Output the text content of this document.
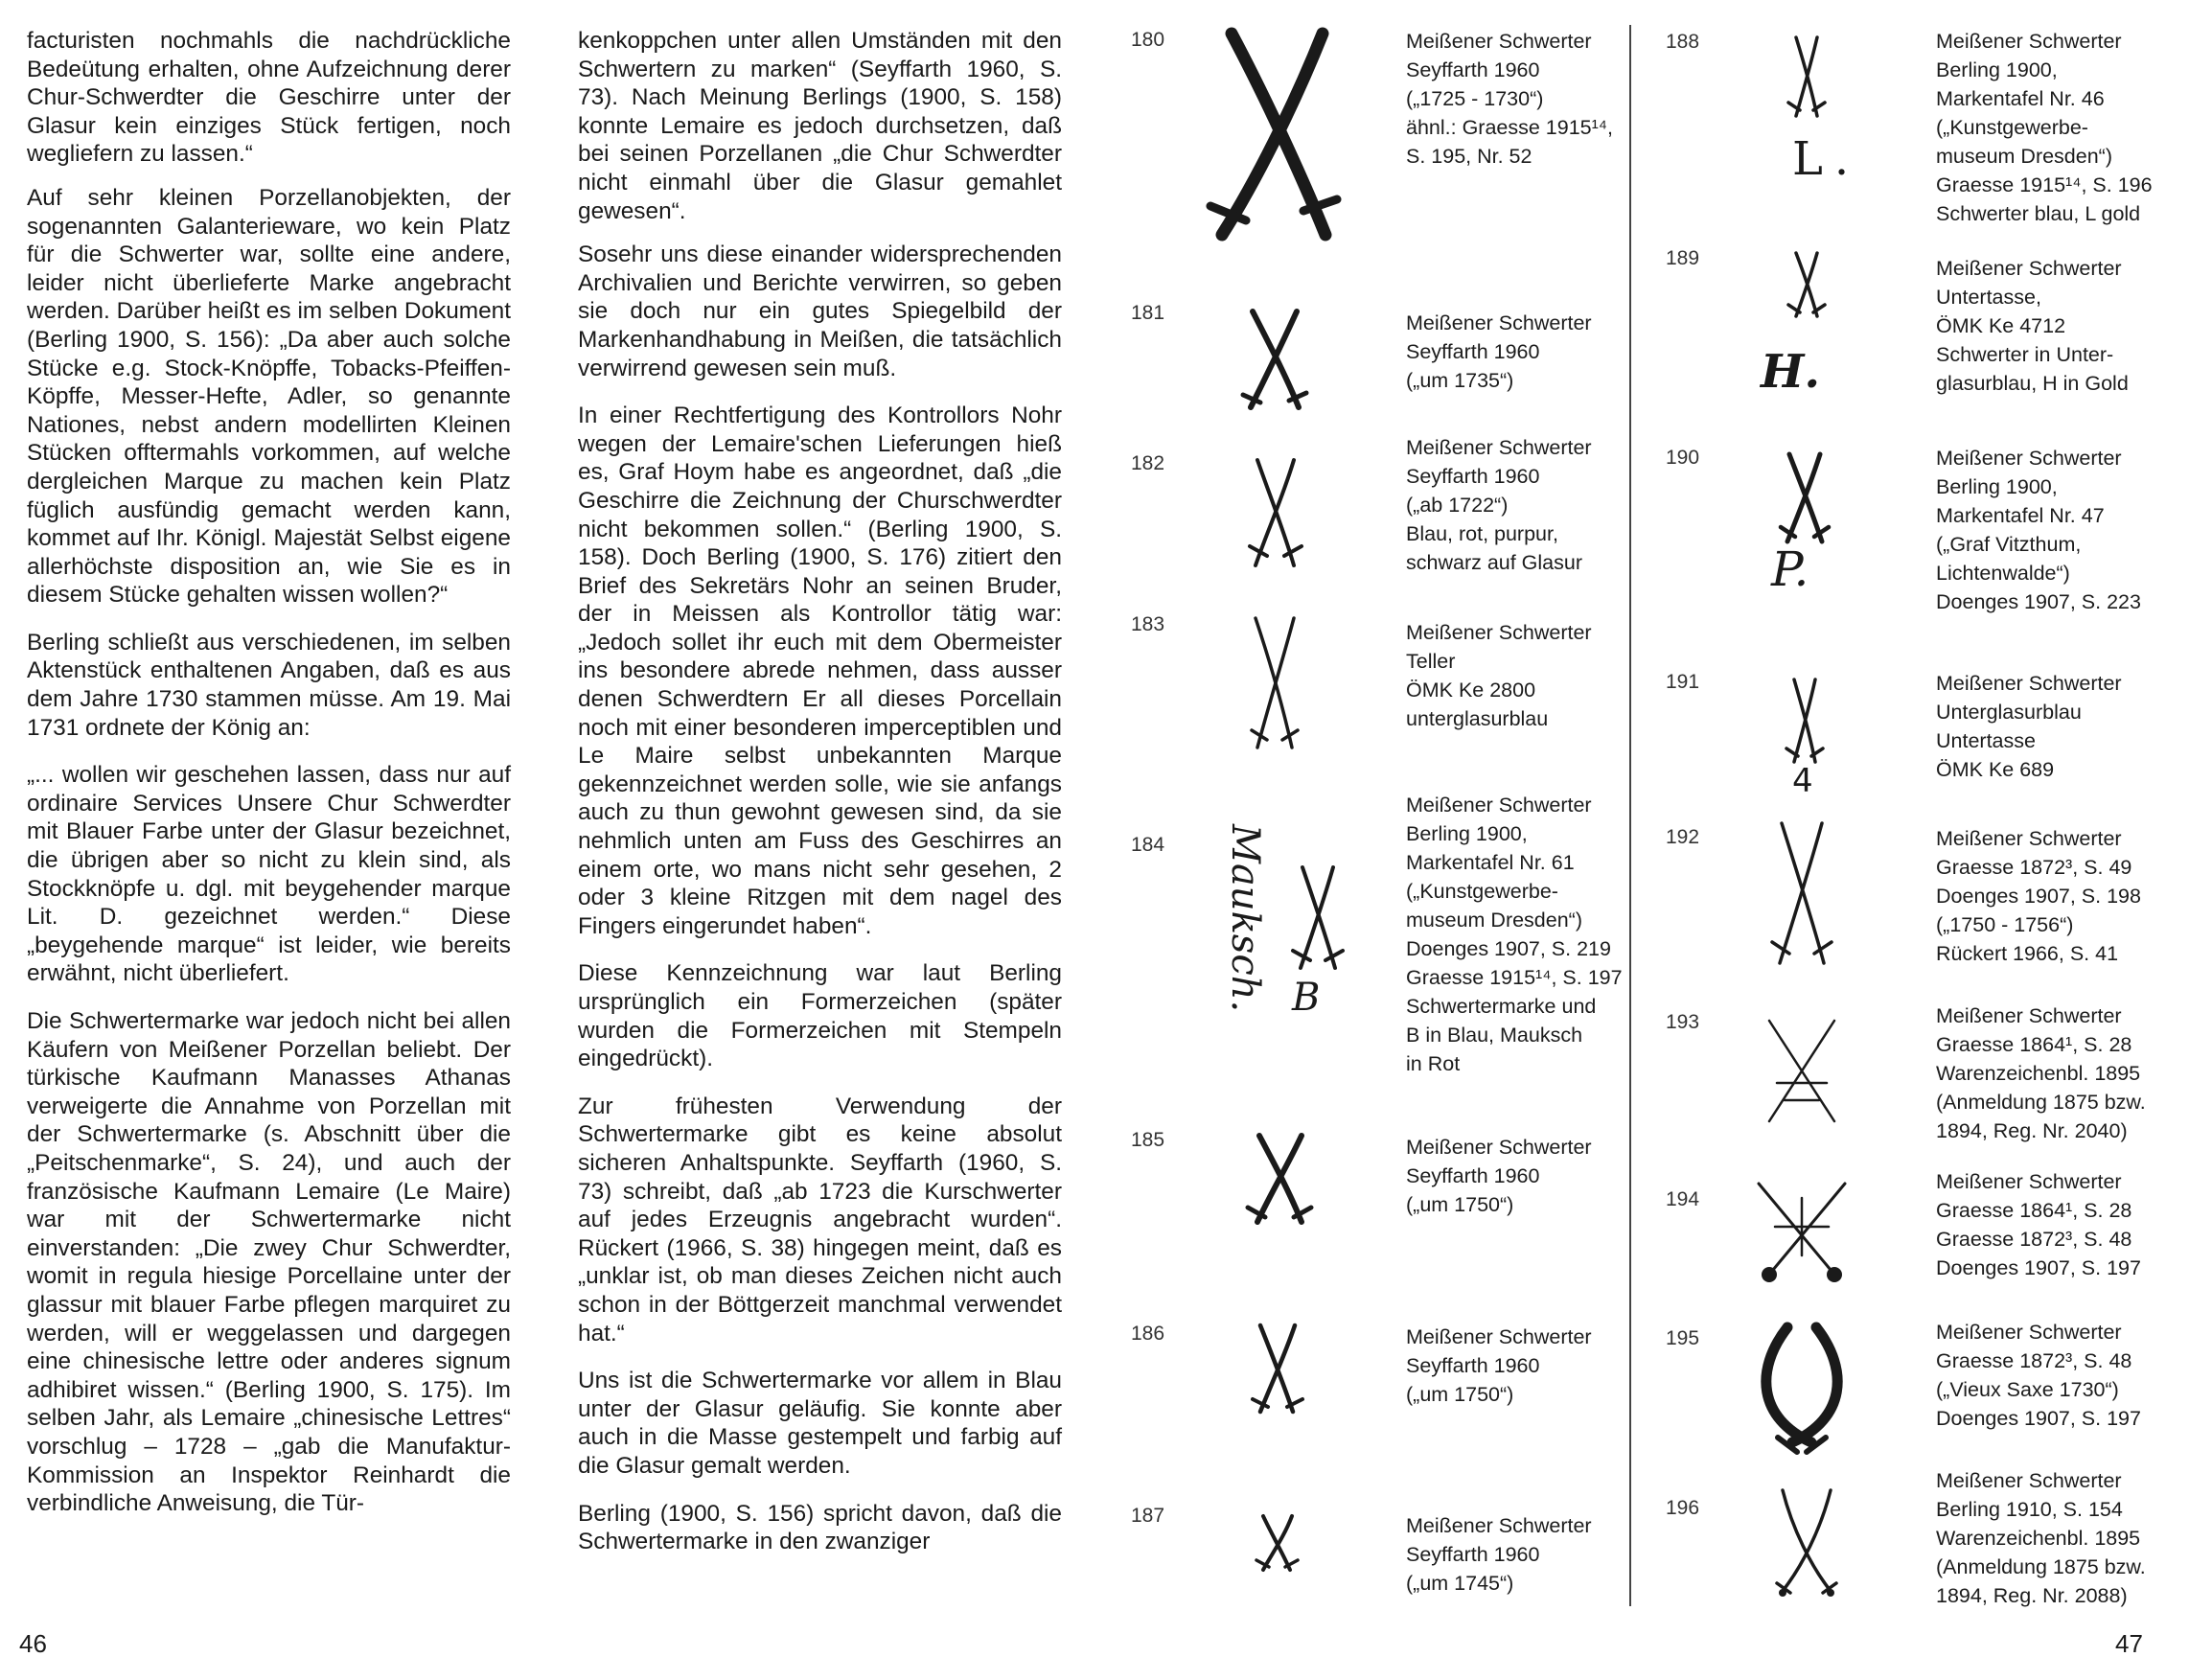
facturisten nochmahls die nachdrückliche Bedeütung erhalten, ohne Aufzeichnung derer Chur-Schwerdter die Geschirre unter der Glasur kein einziges Stück fertigen, noch wegliefern zu lassen.“

Auf sehr kleinen Porzellanobjekten, der sogenannten Galanterieware, wo kein Platz für die Schwerter war, sollte eine andere, leider nicht überlieferte Marke angebracht werden. Darüber heißt es im selben Dokument (Berling 1900, S. 156): „Da aber auch solche Stücke e.g. Stock-Knöpffe, Tobacks-Pfeiffen-Köpffe, Messer-Hefte, Adler, so genannte Nationes, nebst andern modellirten Kleinen Stücken offtermahls vorkommen, auf welche dergleichen Marque zu machen kein Platz füglich ausfündig gemacht werden kann, kommet auf Ihr. Königl. Majestät Selbst eigene allerhöchste disposition an, wie Sie es in diesem Stücke gehalten wissen wollen?“

Berling schließt aus verschiedenen, im selben Aktenstück enthaltenen Angaben, daß es aus dem Jahre 1730 stammen müsse. Am 19. Mai 1731 ordnete der König an:

„... wollen wir geschehen lassen, dass nur auf ordinaire Services Unsere Chur Schwerdter mit Blauer Farbe unter der Glasur bezeichnet, die übrigen aber so nicht zu klein sind, als Stockknöpfe u. dgl. mit beygehender marque Lit. D. gezeichnet werden.“ Diese „beygehende marque“ ist leider, wie bereits erwähnt, nicht überliefert.

Die Schwertermarke war jedoch nicht bei allen Käufern von Meißener Porzellan beliebt. Der türkische Kaufmann Manasses Athanas verweigerte die Annahme von Porzellan mit der Schwertermarke (s. Abschnitt über die „Peitschenmarke“, S. 24), und auch der französische Kaufmann Lemaire (Le Maire) war mit der Schwertermarke nicht einverstanden: „Die zwey Chur Schwerdter, womit in regula hiesige Porcellaine unter der glassur mit blauer Farbe pflegen marquiret zu werden, will er weggelassen und dargegen eine chinesische lettre oder anderes signum adhibiret wissen.“ (Berling 1900, S. 175). Im selben Jahr, als Lemaire „chinesische Lettres“ vorschlug – 1728 – „gab die Manufaktur-Kommission an Inspektor Reinhardt die verbindliche Anweisung, die Tür-

kenkoppchen unter allen Umständen mit den Schwertern zu marken“ (Seyffarth 1960, S. 73). Nach Meinung Berlings (1900, S. 158) konnte Lemaire es jedoch durchsetzen, daß bei seinen Porzellanen „die Chur Schwerdter nicht einmahl über die Glasur gemahlet gewesen“.

Sosehr uns diese einander widersprechenden Archivalien und Berichte verwirren, so geben sie doch nur ein gutes Spiegelbild der Markenhandhabung in Meißen, die tatsächlich verwirrend gewesen sein muß.

In einer Rechtfertigung des Kontrollors Nohr wegen der Lemaire'schen Lieferungen hieß es, Graf Hoym habe es angeordnet, daß „die Geschirre die Zeichnung der Churschwerdter nicht bekommen sollen.“ (Berling 1900, S. 158). Doch Berling (1900, S. 176) zitiert den Brief des Sekretärs Nohr an seinen Bruder, der in Meissen als Kontrollor tätig war: „Jedoch sollet ihr euch mit dem Obermeister ins besondere abrede nehmen, dass ausser denen Schwerdtern Er all dieses Porcellain noch mit einer besonderen imperceptiblen und Le Maire selbst unbekannten Marque gekennzeichnet werden solle, wie sie anfangs auch zu thun gewohnt gewesen sind, da sie nehmlich unten am Fuss des Geschirres an einem orte, wo mans nicht sehr gesehen, 2 oder 3 kleine Ritzgen mit dem nagel des Fingers eingerundet haben“.

Diese Kennzeichnung war laut Berling ursprünglich ein Formerzeichen (später wurden die Formerzeichen mit Stempeln eingedrückt).

Zur frühesten Verwendung der Schwertermarke gibt es keine absolut sicheren Anhaltspunkte. Seyffarth (1960, S. 73) schreibt, daß „ab 1723 die Kurschwerter auf jedes Erzeugnis angebracht wurden“. Rückert (1966, S. 38) hingegen meint, daß es „unklar ist, ob man dieses Zeichen nicht auch schon in der Böttgerzeit manchmal verwendet hat.“

Uns ist die Schwertermarke vor allem in Blau unter der Glasur geläufig. Sie konnte aber auch in die Masse gestempelt und farbig auf die Glasur gemalt werden.

Berling (1900, S. 156) spricht davon, daß die Schwertermarke in den zwanziger

46	47
180	Meißener Schwerter
Seyffarth 1960
(„1725 - 1730“)
ähnl.: Graesse 1915¹⁴,
S. 195, Nr. 52
181	Meißener Schwerter
Seyffarth 1960
(„um 1735“)
182
Meißener Schwerter
Seyffarth 1960
(„ab 1722“)
Blau, rot, purpur,
schwarz auf Glasur
183	Meißener Schwerter
Teller
ÖMK Ke 2800
unterglasurblau
184 Mauksch. B
Meißener Schwerter
Berling 1900,
Markentafel Nr. 61
(„Kunstgewerbe-
museum Dresden“)
Doenges 1907, S. 219
Graesse 1915¹⁴, S. 197
Schwertermarke und
B in Blau, Mauksch
in Rot
185	Meißener Schwerter
Seyffarth 1960
(„um 1750“)
186	Meißener Schwerter
Seyffarth 1960
(„um 1750“)
187	Meißener Schwerter
Seyffarth 1960
(„um 1745“)
188
L.
Meißener Schwerter
Berling 1900,
Markentafel Nr. 46
(„Kunstgewerbe-
museum Dresden“)
Graesse 1915¹⁴, S. 196
Schwerter blau, L gold
189
H.
Meißener Schwerter
Untertasse,
ÖMK Ke 4712
Schwerter in Unter-
glasurblau, H in Gold
190
P.
Meißener Schwerter
Berling 1900,
Markentafel Nr. 47
(„Graf Vitzthum,
Lichtenwalde“)
Doenges 1907, S. 223
191
4
Meißener Schwerter
Unterglasurblau
Untertasse
ÖMK Ke 689
192	Meißener Schwerter
Graesse 1872³, S. 49
Doenges 1907, S. 198
(„1750 - 1756“)
Rückert 1966, S. 41
193	Meißener Schwerter
Graesse 1864¹, S. 28
Warenzeichenbl. 1895
(Anmeldung 1875 bzw.
1894, Reg. Nr. 2040)
194
Meißener Schwerter
Graesse 1864¹, S. 28
Graesse 1872³, S. 48
Doenges 1907, S. 197
195	Meißener Schwerter
Graesse 1872³, S. 48
(„Vieux Saxe 1730“)
Doenges 1907, S. 197
196
Meißener Schwerter
Berling 1910, S. 154
Warenzeichenbl. 1895
(Anmeldung 1875 bzw.
1894, Reg. Nr. 2088)
